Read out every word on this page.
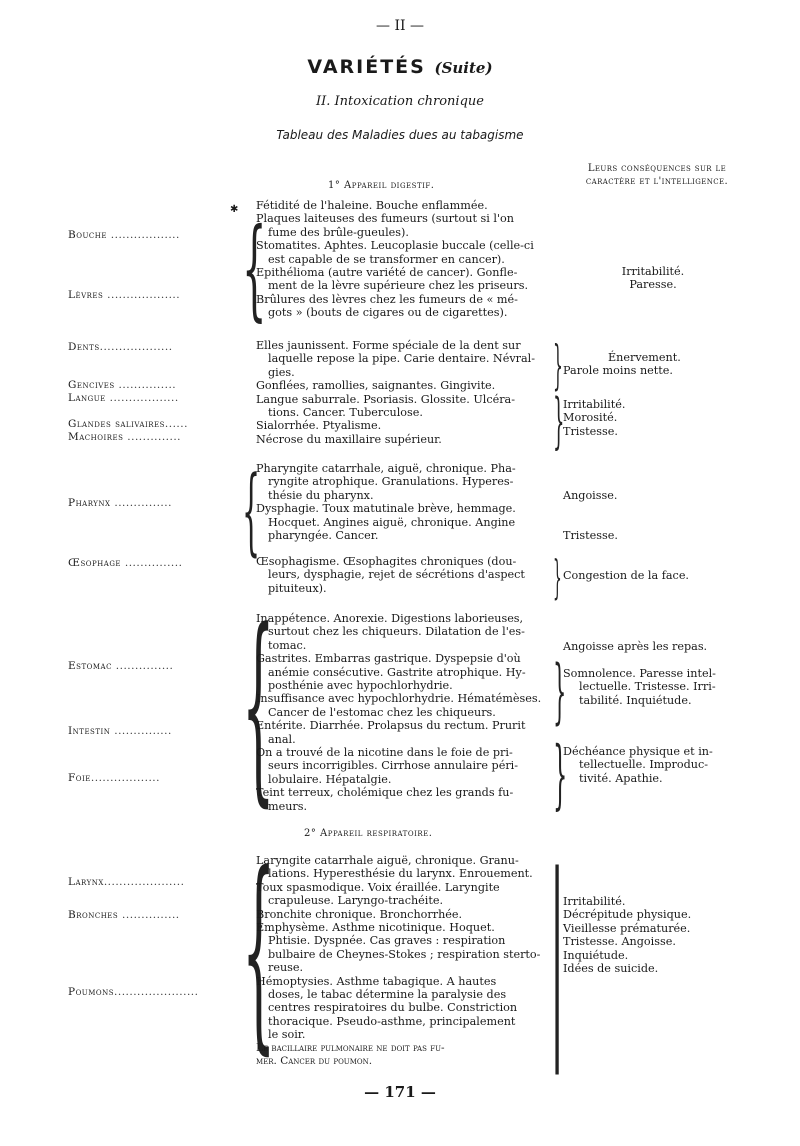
— II —
VARIÉTÉS (Suite)
II. Intoxication chronique
Tableau des Maladies dues au tabagisme
Leurs conséquences sur le caractère et l'intelligence.
1° Appareil digestif.
✱
Bouche ..................
Lèvres ...................
Dents...................
Gencives ...............
Langue ..................
Glandes salivaires......
Machoires ..............
Pharynx ...............
Œsophage ...............
Estomac ...............
Intestin ...............
Foie..................
{
{
{
{
Fétidité de l'haleine. Bouche enflammée.
Plaques laiteuses des fumeurs (surtout si l'on
fume des brûle-gueules).
Stomatites. Aphtes. Leucoplasie buccale (celle-ci
est capable de se transformer en cancer).
Epithélioma (autre variété de cancer). Gonfle-
ment de la lèvre supérieure chez les priseurs.
Brûlures des lèvres chez les fumeurs de « mé-
gots » (bouts de cigares ou de cigarettes).
Elles jaunissent. Forme spéciale de la dent sur
laquelle repose la pipe. Carie dentaire. Névral-
gies.
Gonflées, ramollies, saignantes. Gingivite.
Langue saburrale. Psoriasis. Glossite. Ulcéra-
tions. Cancer. Tuberculose.
Sialorrhée. Ptyalisme.
Nécrose du maxillaire supérieur.
Pharyngite catarrhale, aiguë, chronique. Pha-
ryngite atrophique. Granulations. Hyperes-
thésie du pharynx.
Dysphagie. Toux matutinale brève, hemmage.
Hocquet. Angines aiguë, chronique. Angine
pharyngée. Cancer.
Œsophagisme. Œsophagites chroniques (dou-
leurs, dysphagie, rejet de sécrétions d'aspect
pituiteux).
Inappétence. Anorexie. Digestions laborieuses,
surtout chez les chiqueurs. Dilatation de l'es-
tomac.
Gastrites. Embarras gastrique. Dyspepsie d'où
anémie consécutive. Gastrite atrophique. Hy-
posthénie avec hypochlorhydrie.
Insuffisance avec hypochlorhydrie. Hématémèses.
Cancer de l'estomac chez les chiqueurs.
Entérite. Diarrhée. Prolapsus du rectum. Prurit
anal.
On a trouvé de la nicotine dans le foie de pri-
seurs incorrigibles. Cirrhose annulaire péri-
lobulaire. Hépatalgie.
Teint terreux, cholémique chez les grands fu-
meurs.
Irritabilité.
Paresse.
}	Énervement.
Parole moins nette.
}
Irritabilité.
Morosité.
Tristesse.
Angoisse.
Tristesse.
} Congestion de la face.
Angoisse après les repas.
}
Somnolence. Paresse intel-
lectuelle. Tristesse. Irri-
tabilité. Inquiétude.
}
Déchéance physique et in-
tellectuelle. Improduc-
tivité. Apathie.
2° Appareil respiratoire.
Larynx.....................
Bronches ...............
Poumons......................
Laryngite catarrhale aiguë, chronique. Granu-
lations. Hyperesthésie du larynx. Enrouement.
Toux spasmodique. Voix éraillée. Laryngite
crapuleuse. Laryngo-trachéite.
Bronchite chronique. Bronchorrhée.
Emphysème. Asthme nicotinique. Hoquet.
Phtisie. Dyspnée. Cas graves : respiration
bulbaire de Cheynes-Stokes ; respiration sterto-
reuse.
Hémoptysies. Asthme tabagique. A hautes
doses, le tabac détermine la paralysie des
centres respiratoires du bulbe. Constriction
thoracique. Pseudo-asthme, principalement
le soir.
Le bacillaire pulmonaire ne doit pas fu-
mer. Cancer du poumon. |
Irritabilité.
Décrépitude physique.
Vieillesse prématurée.
Tristesse. Angoisse.
Inquiétude.
Idées de suicide.
— 171 —
